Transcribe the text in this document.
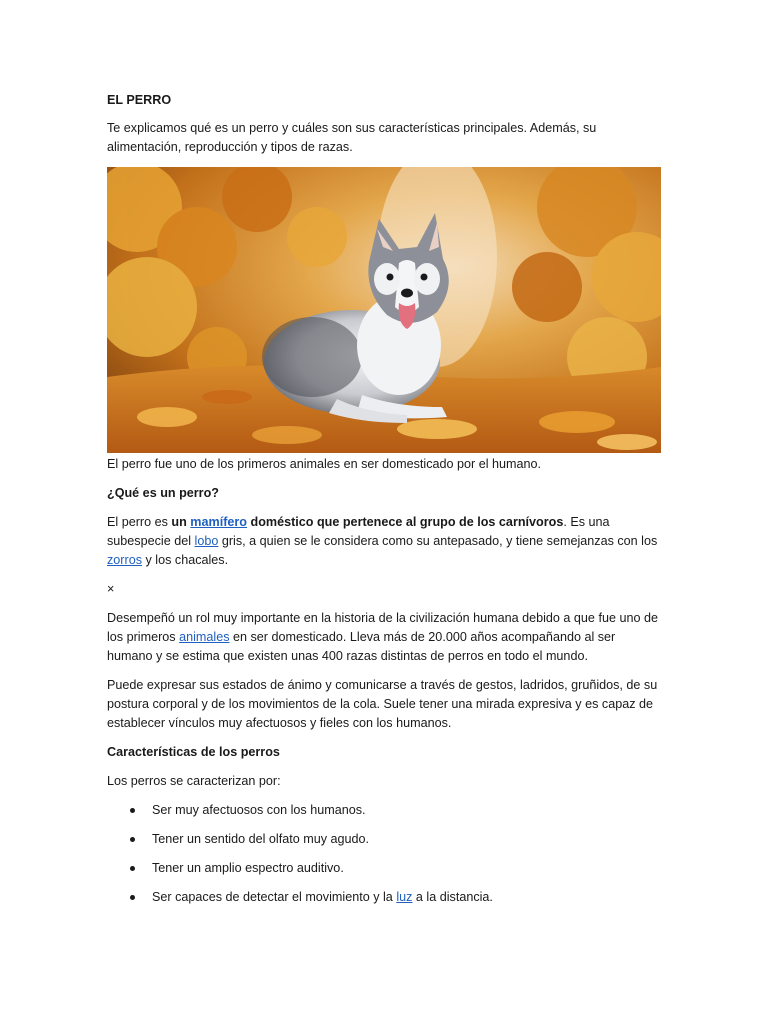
EL PERRO

Te explicamos qué es un perro y cuáles son sus características principales. Además, su alimentación, reproducción y tipos de razas.

El perro fue uno de los primeros animales en ser domesticado por el humano.

¿Qué es un perro?

El perro es un mamífero doméstico que pertenece al grupo de los carnívoros. Es una subespecie del lobo gris, a quien se le considera como su antepasado, y tiene semejanzas con los zorros y los chacales.

×

Desempeñó un rol muy importante en la historia de la civilización humana debido a que fue uno de los primeros animales en ser domesticado. Lleva más de 20.000 años acompañando al ser humano y se estima que existen unas 400 razas distintas de perros en todo el mundo.

Puede expresar sus estados de ánimo y comunicarse a través de gestos, ladridos, gruñidos, de su postura corporal y de los movimientos de la cola. Suele tener una mirada expresiva y es capaz de establecer vínculos muy afectuosos y fieles con los humanos.

Características de los perros

Los perros se caracterizan por:

Ser muy afectuosos con los humanos.
Tener un sentido del olfato muy agudo.
Tener un amplio espectro auditivo.
Ser capaces de detectar el movimiento y la luz a la distancia.
